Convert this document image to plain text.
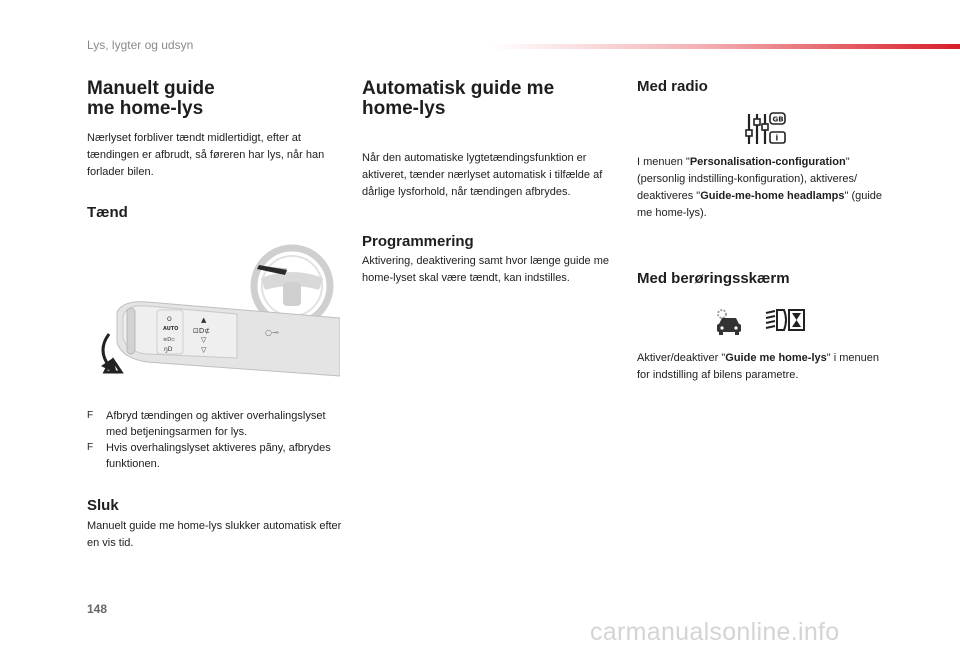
Lys, lygter og udsyn
Manuelt guide
me home-lys

Nærlyset forbliver tændt midlertidigt, efter at tændingen er afbrudt, så føreren har lys, når han forlader bilen.

Tænd
O
AUTO
≡D⊂
ŋD
▲
⊡D⊄
▽
▽
○⊸
F	Afbryd tændingen og aktiver overhalingslyset med betjeningsarmen for lys.
F	Hvis overhalingslyset aktiveres pãny, afbrydes funktionen.
Sluk

Manuelt guide me home-lys slukker automatisk efter en vis tid.

Automatisk guide me
home-lys

Når den automatiske lygtetændingsfunktion er aktiveret, tænder nærlyset automatisk i tilfælde af dårlige lysforhold, når tændingen afbrydes.

Programmering

Aktivering, deaktivering samt hvor længe guide me home-lyset skal være tændt, kan indstilles.

Med radio
GB
i

I menuen "Personalisation-configuration" (personlig indstilling-konfiguration), aktiveres/ deaktiveres "Guide-me-home headlamps" (guide me home-lys).

Med berøringsskærm

Aktiver/deaktiver "Guide me home-lys" i menuen for indstilling af bilens parametre.

148
carmanualsonline.info
